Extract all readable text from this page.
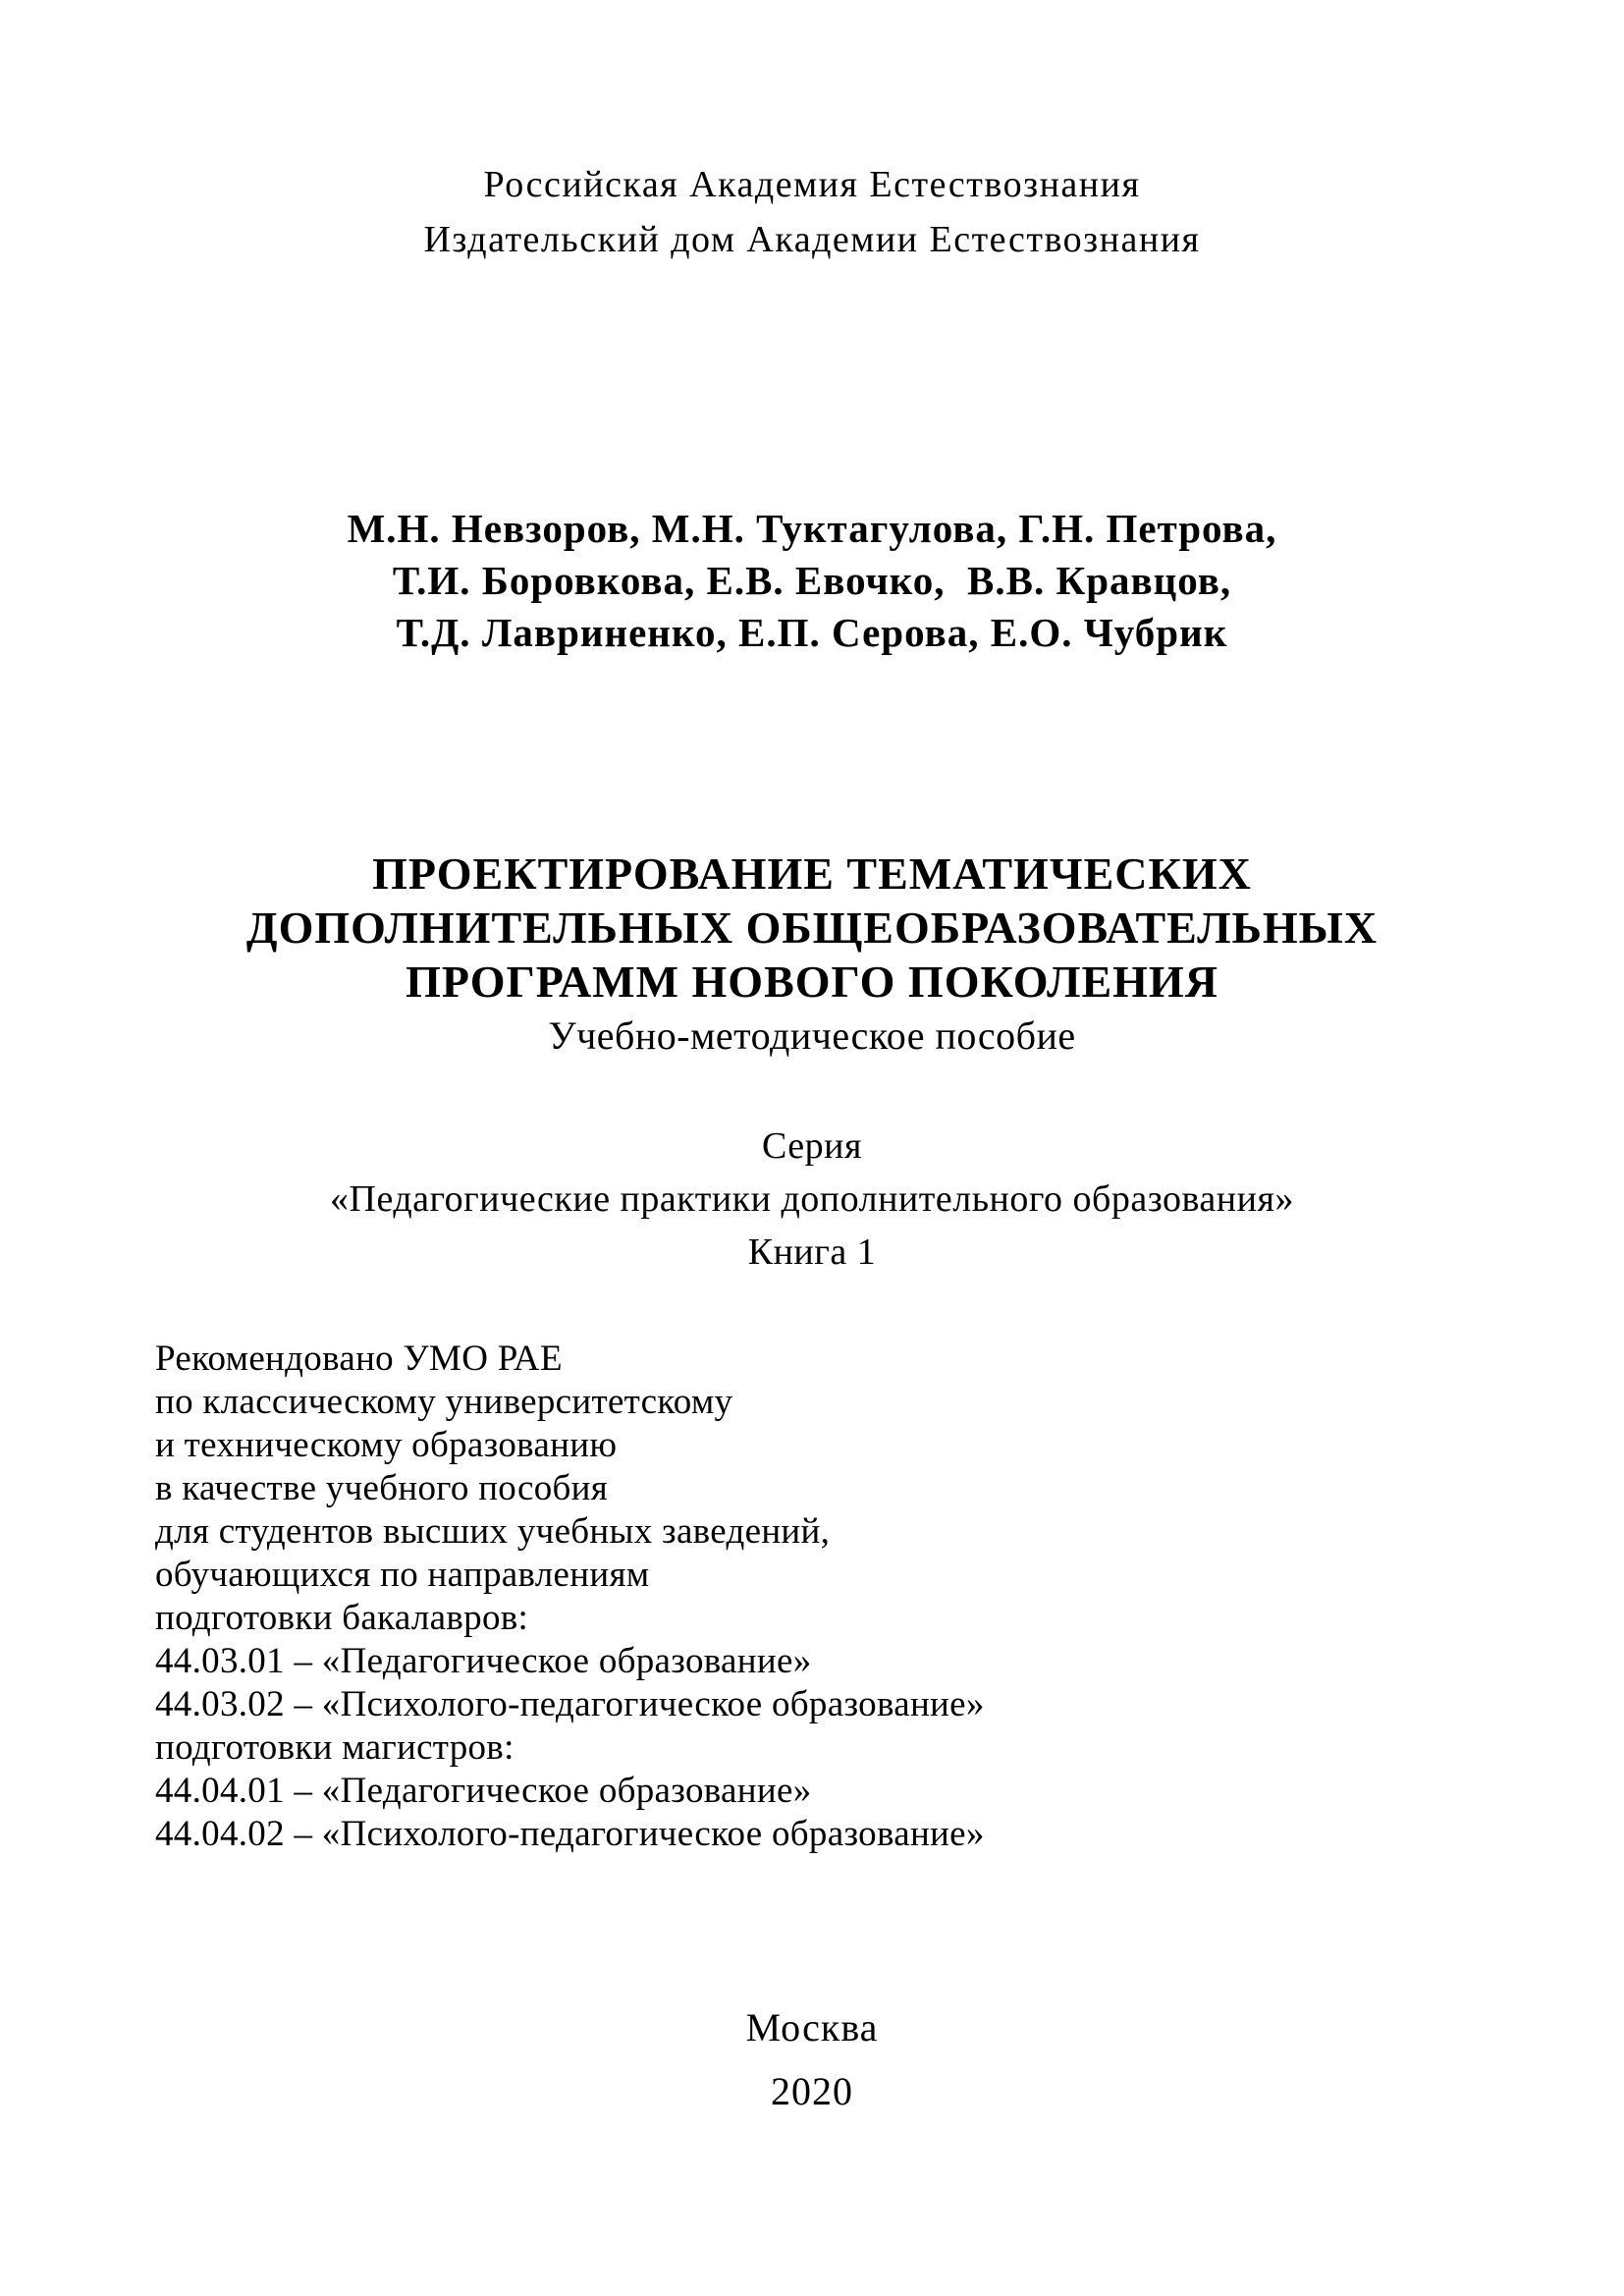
Российская Академия Естествознания
Издательский дом Академии Естествознания
М.Н. Невзоров, М.Н. Туктагулова, Г.Н. Петрова,
Т.И. Боровкова, Е.В. Евочко,  В.В. Кравцов,
Т.Д. Лавриненко, Е.П. Серова, Е.О. Чубрик
ПРОЕКТИРОВАНИЕ ТЕМАТИЧЕСКИХ
ДОПОЛНИТЕЛЬНЫХ ОБЩЕОБРАЗОВАТЕЛЬНЫХ
ПРОГРАММ НОВОГО ПОКОЛЕНИЯ
Учебно-методическое пособие
Серия
«Педагогические практики дополнительного образования»
Книга 1
Рекомендовано УМО РАЕ
по классическому университетскому
и техническому образованию
в качестве учебного пособия
для студентов высших учебных заведений,
обучающихся по направлениям
подготовки бакалавров:
44.03.01 – «Педагогическое образование»
44.03.02 – «Психолого-педагогическое образование»
подготовки магистров:
44.04.01 – «Педагогическое образование»
44.04.02 – «Психолого-педагогическое образование»
Москва
2020
